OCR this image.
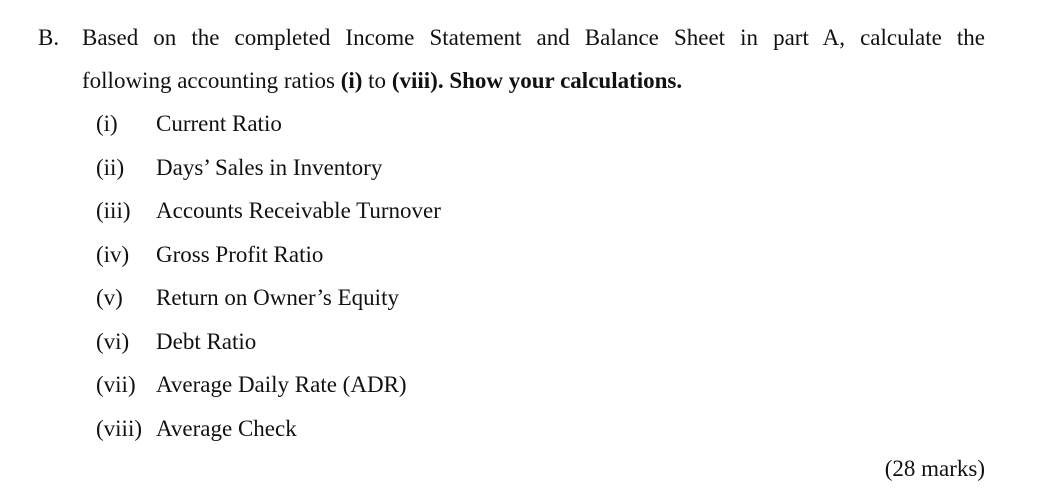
B. Based on the completed Income Statement and Balance Sheet in part A, calculate the
following accounting ratios (i) to (viii). Show your calculations.
(i) Current Ratio
(ii) Days’ Sales in Inventory
(iii) Accounts Receivable Turnover
(iv) Gross Profit Ratio
(v) Return on Owner’s Equity
(vi) Debt Ratio
(vii) Average Daily Rate (ADR)
(viii) Average Check
(28 marks)
